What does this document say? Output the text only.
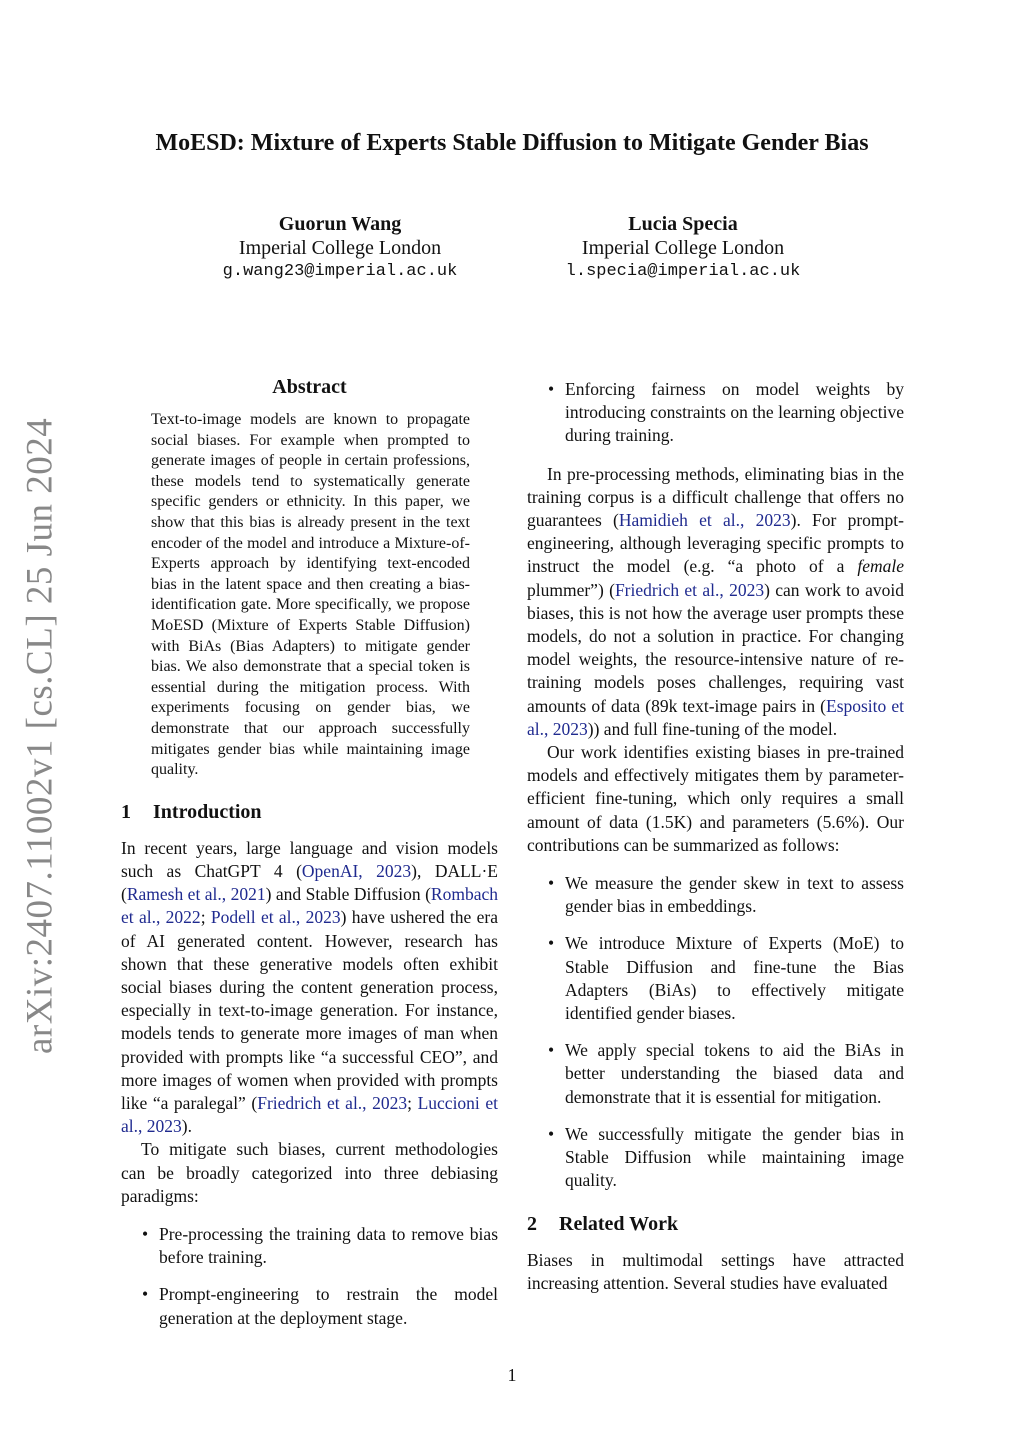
arXiv:2407.11002v1 [cs.CL] 25 Jun 2024
MoESD: Mixture of Experts Stable Diffusion to Mitigate Gender Bias
Guorun Wang
Imperial College London
g.wang23@imperial.ac.uk
Lucia Specia
Imperial College London
l.specia@imperial.ac.uk
Abstract

Text-to-image models are known to propagate social biases. For example when prompted to generate images of people in certain professions, these models tend to systematically generate specific genders or ethnicity. In this paper, we show that this bias is already present in the text encoder of the model and introduce a Mixture-of-Experts approach by identifying text-encoded bias in the latent space and then creating a bias-identification gate. More specifically, we propose MoESD (Mixture of Experts Stable Diffusion) with BiAs (Bias Adapters) to mitigate gender bias. We also demonstrate that a special token is essential during the mitigation process. With experiments focusing on gender bias, we demonstrate that our approach successfully mitigates gender bias while maintaining image quality.

1 Introduction

In recent years, large language and vision models such as ChatGPT 4 (OpenAI, 2023), DALL·E (Ramesh et al., 2021) and Stable Diffusion (Rombach et al., 2022; Podell et al., 2023) have ushered the era of AI generated content. However, research has shown that these generative models often exhibit social biases during the content generation process, especially in text-to-image generation. For instance, models tends to generate more images of man when provided with prompts like “a successful CEO”, and more images of women when provided with prompts like “a paralegal” (Friedrich et al., 2023; Luccioni et al., 2023).

To mitigate such biases, current methodologies can be broadly categorized into three debiasing paradigms:

• Pre-processing the training data to remove bias before training.
• Prompt-engineering to restrain the model generation at the deployment stage.
• Enforcing fairness on model weights by introducing constraints on the learning objective during training.

In pre-processing methods, eliminating bias in the training corpus is a difficult challenge that offers no guarantees (Hamidieh et al., 2023). For prompt-engineering, although leveraging specific prompts to instruct the model (e.g. “a photo of a female plummer”) (Friedrich et al., 2023) can work to avoid biases, this is not how the average user prompts these models, do not a solution in practice. For changing model weights, the resource-intensive nature of re-training models poses challenges, requiring vast amounts of data (89k text-image pairs in (Esposito et al., 2023)) and full fine-tuning of the model.

Our work identifies existing biases in pre-trained models and effectively mitigates them by parameter-efficient fine-tuning, which only requires a small amount of data (1.5K) and parameters (5.6%). Our contributions can be summarized as follows:

• We measure the gender skew in text to assess gender bias in embeddings.
• We introduce Mixture of Experts (MoE) to Stable Diffusion and fine-tune the Bias Adapters (BiAs) to effectively mitigate identified gender biases.
• We apply special tokens to aid the BiAs in better understanding the biased data and demonstrate that it is essential for mitigation.
• We successfully mitigate the gender bias in Stable Diffusion while maintaining image quality.
2 Related Work

Biases in multimodal settings have attracted increasing attention. Several studies have evaluated

1
